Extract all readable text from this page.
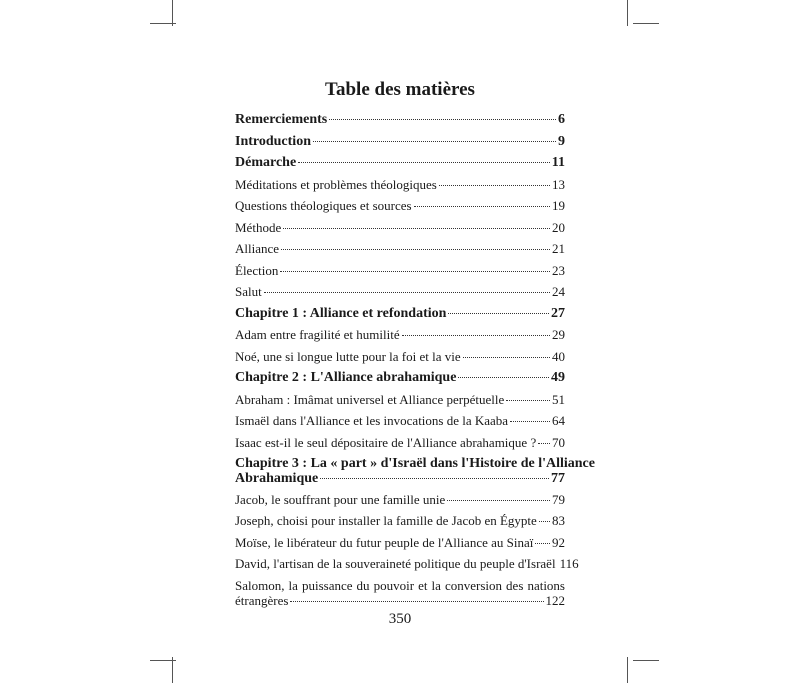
Table des matières
Remerciements	6
Introduction	9
Démarche	11
Méditations et problèmes théologiques	13
Questions théologiques et sources	19
Méthode	20
Alliance	21
Élection	23
Salut	24
Chapitre 1 : Alliance et refondation	27
Adam entre fragilité et humilité	29
Noé, une si longue lutte pour la foi et la vie	40
Chapitre 2 : L'Alliance abrahamique	49
Abraham : Imâmat universel et Alliance perpétuelle	51
Ismaël dans l'Alliance et les invocations de la Kaaba	64
Isaac est-il le seul dépositaire de l'Alliance abrahamique ? 70
Chapitre 3 : La « part » d'Israël dans l'Histoire de l'Alliance
Abrahamique	77
Jacob, le souffrant pour une famille unie	79
Joseph, choisi pour installer la famille de Jacob en Égypte 83
Moïse, le libérateur du futur peuple de l'Alliance au Sinaï 92
David, l'artisan de la souveraineté politique du peuple d'Israël 116
Salomon, la puissance du pouvoir et la conversion des nations
étrangères	122
350
